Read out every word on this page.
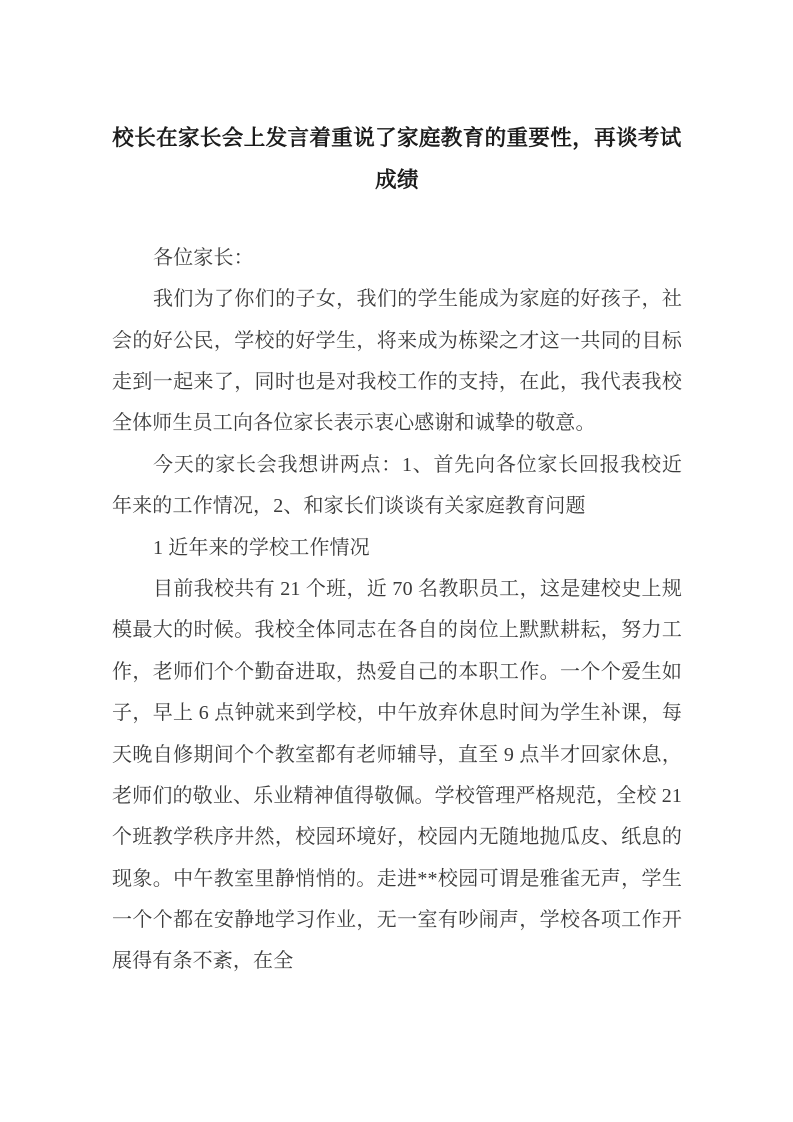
校长在家长会上发言着重说了家庭教育的重要性，再谈考试成绩

各位家长：

我们为了你们的子女，我们的学生能成为家庭的好孩子，社会的好公民，学校的好学生，将来成为栋梁之才这一共同的目标走到一起来了，同时也是对我校工作的支持，在此，我代表我校全体师生员工向各位家长表示衷心感谢和诚挚的敬意。

今天的家长会我想讲两点：1、首先向各位家长回报我校近年来的工作情况，2、和家长们谈谈有关家庭教育问题

1 近年来的学校工作情况

目前我校共有 21 个班，近 70 名教职员工，这是建校史上规模最大的时候。我校全体同志在各自的岗位上默默耕耘，努力工作，老师们个个勤奋进取，热爱自己的本职工作。一个个爱生如子，早上 6 点钟就来到学校，中午放弃休息时间为学生补课，每天晚自修期间个个教室都有老师辅导，直至 9 点半才回家休息，老师们的敬业、乐业精神值得敬佩。学校管理严格规范，全校 21 个班教学秩序井然，校园环境好，校园内无随地抛瓜皮、纸息的现象。中午教室里静悄悄的。走进**校园可谓是雅雀无声，学生一个个都在安静地学习作业，无一室有吵闹声，学校各项工作开展得有条不紊，在全
